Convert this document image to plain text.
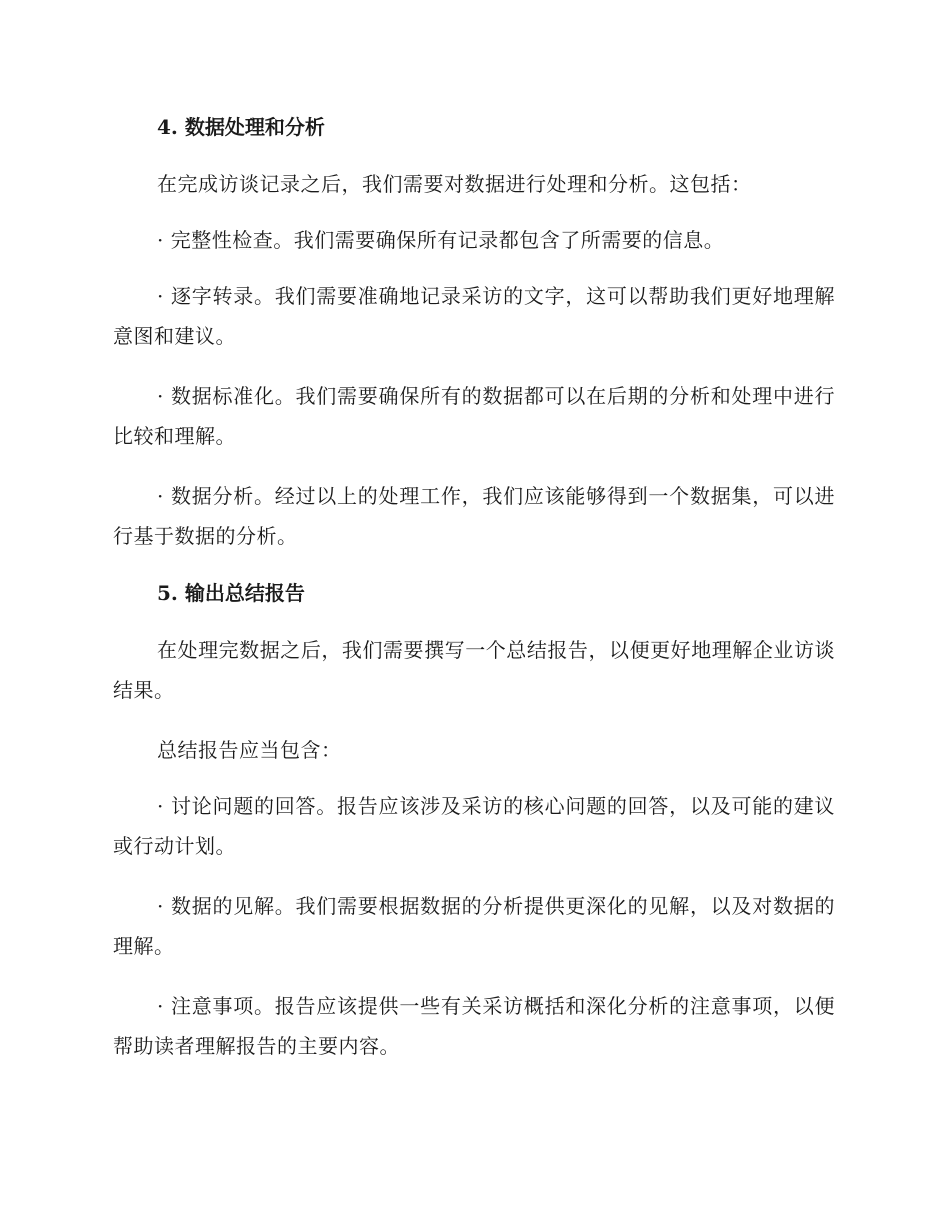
4. 数据处理和分析

在完成访谈记录之后，我们需要对数据进行处理和分析。这包括：

· 完整性检查。我们需要确保所有记录都包含了所需要的信息。

· 逐字转录。我们需要准确地记录采访的文字，这可以帮助我们更好地理解意图和建议。

· 数据标准化。我们需要确保所有的数据都可以在后期的分析和处理中进行比较和理解。

· 数据分析。经过以上的处理工作，我们应该能够得到一个数据集，可以进行基于数据的分析。

5. 输出总结报告

在处理完数据之后，我们需要撰写一个总结报告，以便更好地理解企业访谈结果。

总结报告应当包含：

· 讨论问题的回答。报告应该涉及采访的核心问题的回答，以及可能的建议或行动计划。

· 数据的见解。我们需要根据数据的分析提供更深化的见解，以及对数据的理解。

· 注意事项。报告应该提供一些有关采访概括和深化分析的注意事项，以便帮助读者理解报告的主要内容。
